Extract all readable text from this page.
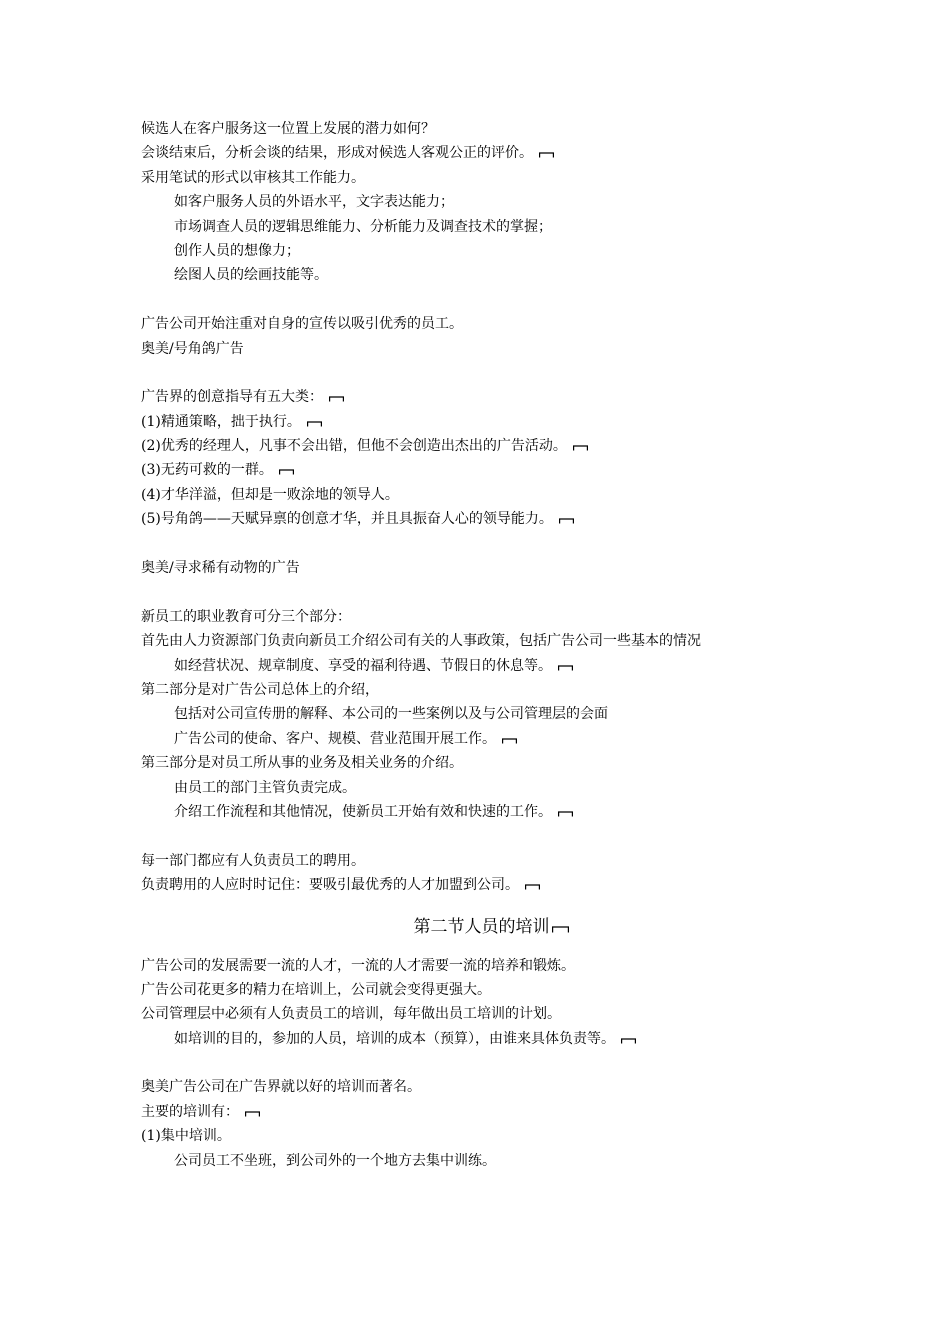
候选人在客户服务这一位置上发展的潜力如何？
会谈结束后，分析会谈的结果，形成对候选人客观公正的评价。
采用笔试的形式以审核其工作能力。
如客户服务人员的外语水平，文字表达能力；
市场调查人员的逻辑思维能力、分析能力及调查技术的掌握；
创作人员的想像力；
绘图人员的绘画技能等。
广告公司开始注重对自身的宣传以吸引优秀的员工。
奥美/号角鸽广告
广告界的创意指导有五大类：
(1)精通策略，拙于执行。
(2)优秀的经理人，凡事不会出错，但他不会创造出杰出的广告活动。
(3)无药可救的一群。
(4)才华洋溢，但却是一败涂地的领导人。
(5)号角鸽——天赋异禀的创意才华，并且具振奋人心的领导能力。
奥美/寻求稀有动物的广告
新员工的职业教育可分三个部分：
首先由人力资源部门负责向新员工介绍公司有关的人事政策，包括广告公司一些基本的情况
如经营状况、规章制度、享受的福利待遇、节假日的休息等。
第二部分是对广告公司总体上的介绍，
包括对公司宣传册的解释、本公司的一些案例以及与公司管理层的会面
广告公司的使命、客户、规模、营业范围开展工作。
第三部分是对员工所从事的业务及相关业务的介绍。
由员工的部门主管负责完成。
介绍工作流程和其他情况，使新员工开始有效和快速的工作。
每一部门都应有人负责员工的聘用。
负责聘用的人应时时记住：要吸引最优秀的人才加盟到公司。
第二节人员的培训
广告公司的发展需要一流的人才，一流的人才需要一流的培养和锻炼。
广告公司花更多的精力在培训上，公司就会变得更强大。
公司管理层中必须有人负责员工的培训，每年做出员工培训的计划。
如培训的目的，参加的人员，培训的成本（预算），由谁来具体负责等。
奥美广告公司在广告界就以好的培训而著名。
主要的培训有：
(1)集中培训。
公司员工不坐班，到公司外的一个地方去集中训练。
